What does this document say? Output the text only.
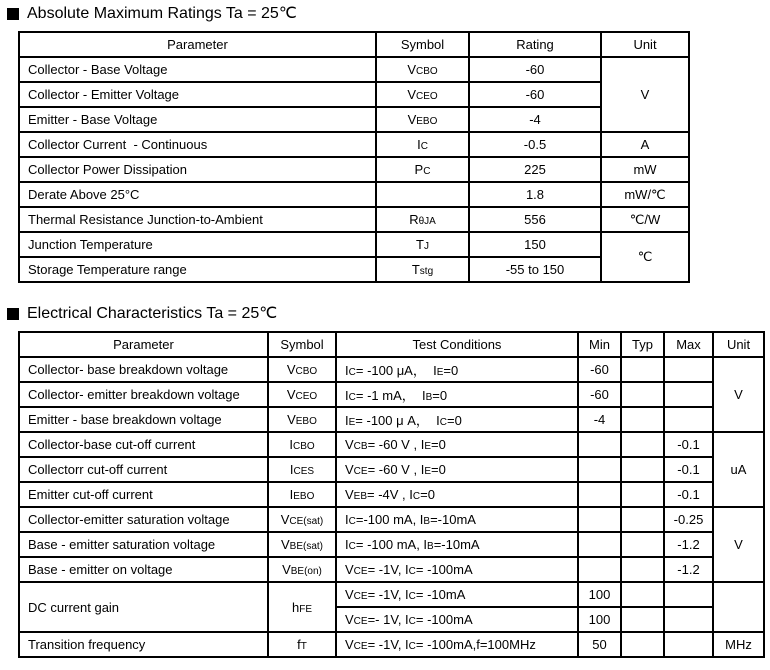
Absolute Maximum Ratings Ta = 25℃
Parameter	Symbol	Rating	Unit
Collector - Base Voltage	VCBO	-60	V
Collector - Emitter Voltage	VCEO	-60	
Emitter - Base Voltage	VEBO	-4	
Collector Current  - Continuous	IC	-0.5	A
Collector Power Dissipation	PC	225	mW
Derate Above 25°C		1.8	mW/℃
Thermal Resistance Junction-to-Ambient	RθJA	556	℃/W
Junction Temperature	TJ	150	℃
Storage Temperature range	Tstg	-55 to 150	
Electrical Characteristics Ta = 25℃
Parameter	Symbol	Test Conditions	Min	Typ	Max	Unit
Collector- base breakdown voltage	VCBO	IC= -100 μA，  IE=0	-60			V
Collector- emitter breakdown voltage	VCEO	IC= -1 mA，  IB=0	-60			
Emitter - base breakdown voltage	VEBO	IE= -100 μ A，  IC=0	-4			
Collector-base cut-off current	ICBO	VCB= -60 V , IE=0			-0.1	uA
Collectorr cut-off current	ICES	VCE= -60 V , IE=0			-0.1	
Emitter cut-off current	IEBO	VEB= -4V , IC=0			-0.1	
Collector-emitter saturation voltage	VCE(sat)	IC=-100 mA, IB=-10mA			-0.25	V
Base - emitter saturation voltage	VBE(sat)	IC= -100 mA, IB=-10mA			-1.2	
Base - emitter on voltage	VBE(on)	VCE= -1V, IC= -100mA			-1.2	
DC current gain	hFE	VCE= -1V, IC= -10mA	100			
		VCE=- 1V, IC= -100mA	100			
Transition frequency	fT	VCE= -1V, IC= -100mA,f=100MHz	50			MHz
